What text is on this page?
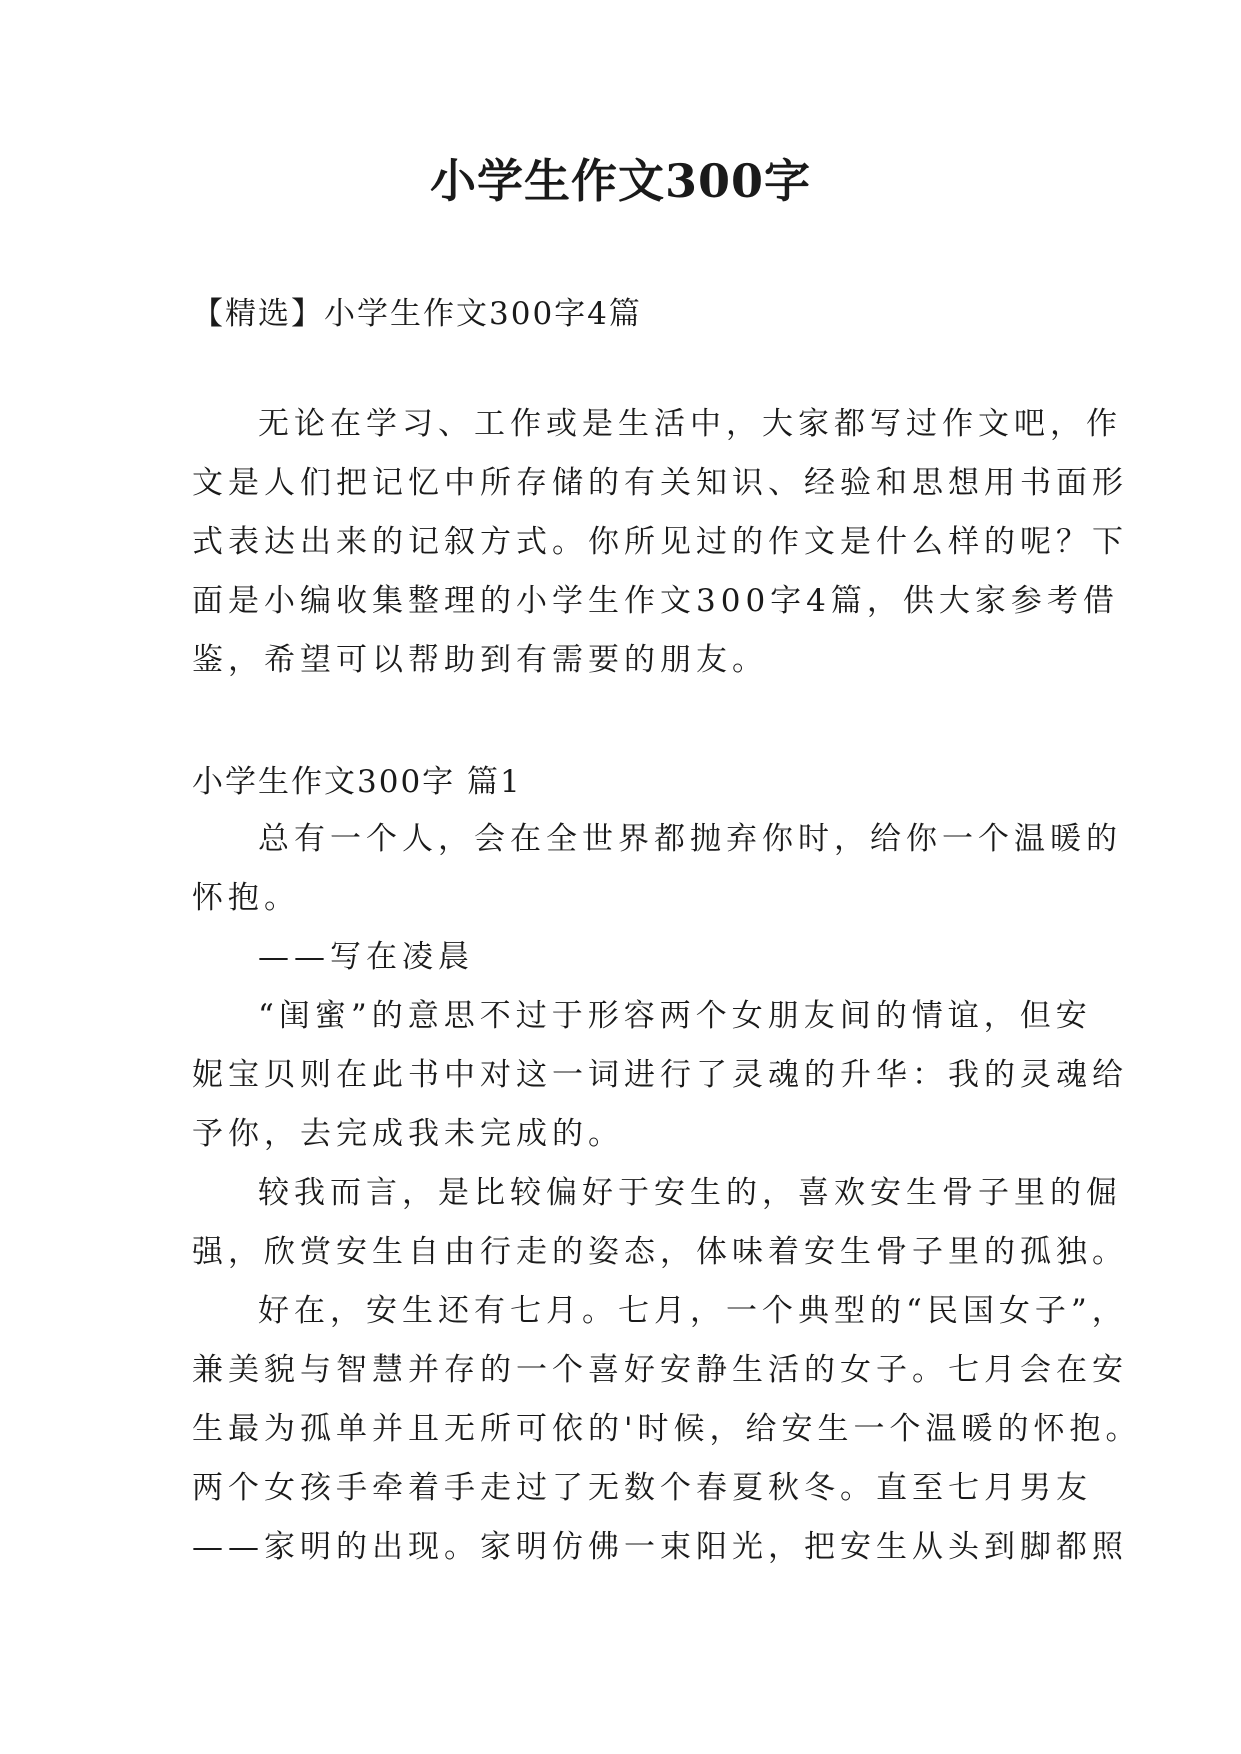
小学生作文300字
【精选】小学生作文300字4篇
无论在学习、工作或是生活中，大家都写过作文吧，作
文是人们把记忆中所存储的有关知识、经验和思想用书面形
式表达出来的记叙方式。你所见过的作文是什么样的呢？下
面是小编收集整理的小学生作文300字4篇，供大家参考借
鉴，希望可以帮助到有需要的朋友。
小学生作文300字 篇1
总有一个人，会在全世界都抛弃你时，给你一个温暖的
怀抱。
——写在凌晨
“闺蜜”的意思不过于形容两个女朋友间的情谊，但安
妮宝贝则在此书中对这一词进行了灵魂的升华：我的灵魂给
予你，去完成我未完成的。
较我而言，是比较偏好于安生的，喜欢安生骨子里的倔
强，欣赏安生自由行走的姿态，体味着安生骨子里的孤独。
好在，安生还有七月。七月，一个典型的“民国女子”，
兼美貌与智慧并存的一个喜好安静生活的女子。七月会在安
生最为孤单并且无所可依的'时候，给安生一个温暖的怀抱。
两个女孩手牵着手走过了无数个春夏秋冬。直至七月男友
——家明的出现。家明仿佛一束阳光，把安生从头到脚都照
